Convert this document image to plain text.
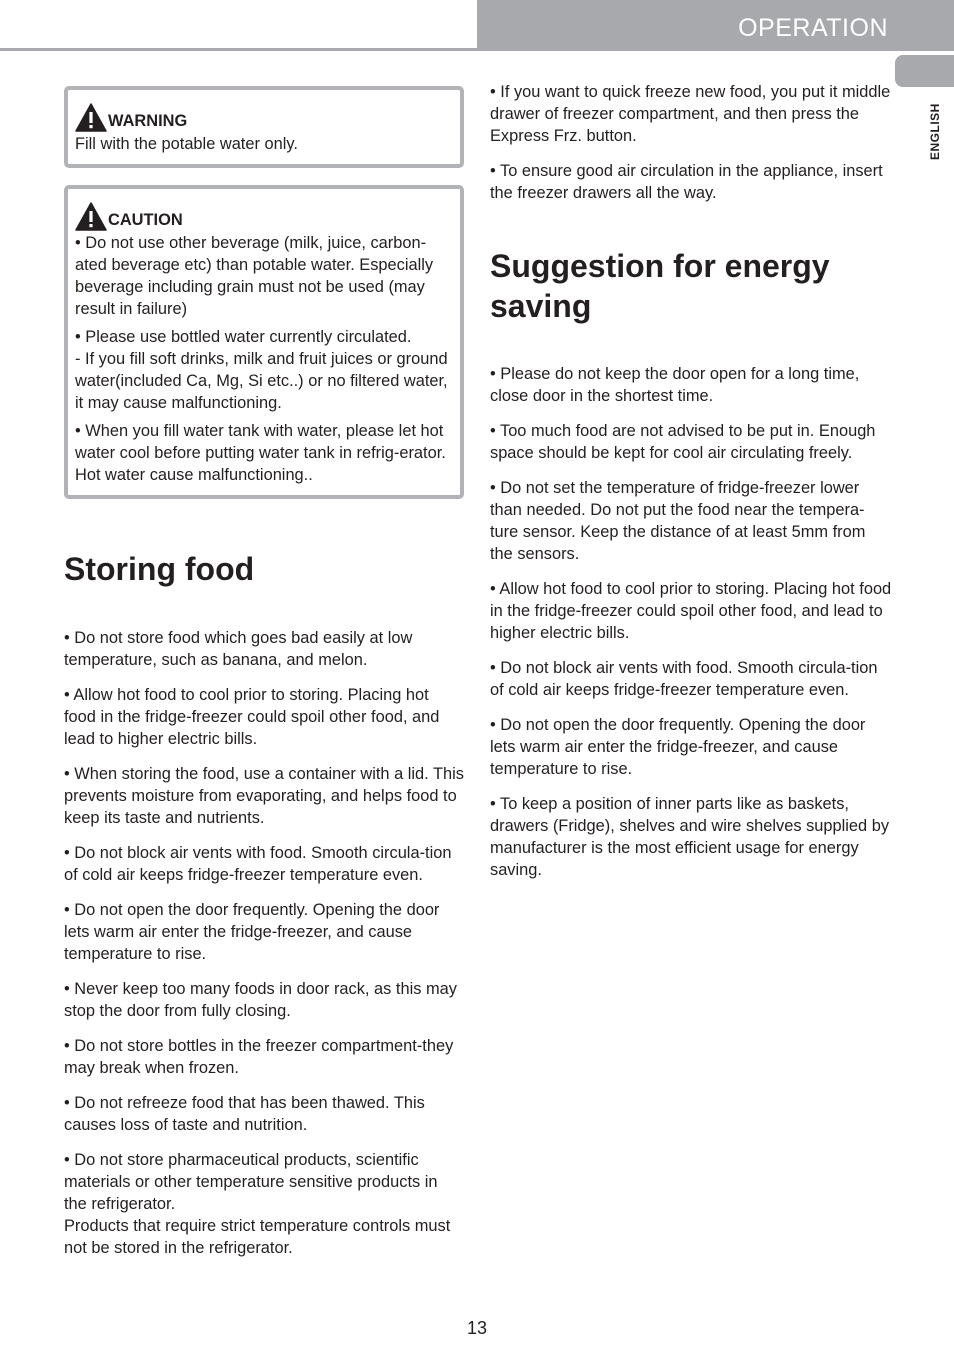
OPERATION
ENGLISH
WARNING

Fill with the potable water only.

CAUTION

• Do not use other beverage (milk, juice, carbon-ated beverage etc) than potable water. Especially beverage including grain must not be used (may result in failure)

• Please use bottled water currently circulated.

- If you fill soft drinks, milk and fruit juices or ground water(included Ca, Mg, Si etc..) or no filtered water, it may cause malfunctioning.

• When you fill water tank with water, please let hot water cool before putting water tank in refrig-erator. Hot water cause malfunctioning..

Storing food

• Do not store food which goes bad easily at low temperature, such as banana, and melon.

• Allow hot food to cool prior to storing. Placing hot food in the fridge-freezer could spoil other food, and lead to higher electric bills.

• When storing the food, use a container with a lid. This prevents moisture from evaporating, and helps food to keep its taste and nutrients.

• Do not block air vents with food. Smooth circula-tion of cold air keeps fridge-freezer temperature even.

• Do not open the door frequently. Opening the door lets warm air enter the fridge-freezer, and cause temperature to rise.

• Never keep too many foods in door rack, as this may stop the door from fully closing.

• Do not store bottles in the freezer compartment-they may break when frozen.

• Do not refreeze food that has been thawed. This causes loss of taste and nutrition.

• Do not store pharmaceutical products, scientific materials or other temperature sensitive products in the refrigerator.

Products that require strict temperature controls must not be stored in the refrigerator.

• If you want to quick freeze new food, you put it middle drawer of freezer compartment, and then press the Express Frz. button.

• To ensure good air circulation in the appliance, insert the freezer drawers all the way.

Suggestion for energy saving

• Please do not keep the door open for a long time, close door in the shortest time.

• Too much food are not advised to be put in. Enough space should be kept for cool air circulating freely.

• Do not set the temperature of fridge-freezer lower than needed. Do not put the food near the tempera-ture sensor. Keep the distance of at least 5mm from the sensors.

• Allow hot food to cool prior to storing. Placing hot food in the fridge-freezer could spoil other food, and lead to higher electric bills.

• Do not block air vents with food. Smooth circula-tion of cold air keeps fridge-freezer temperature even.

• Do not open the door frequently. Opening the door lets warm air enter the fridge-freezer, and cause temperature to rise.

• To keep a position of inner parts like as baskets, drawers (Fridge), shelves and wire shelves supplied by manufacturer is the most efficient usage for energy saving.

13
